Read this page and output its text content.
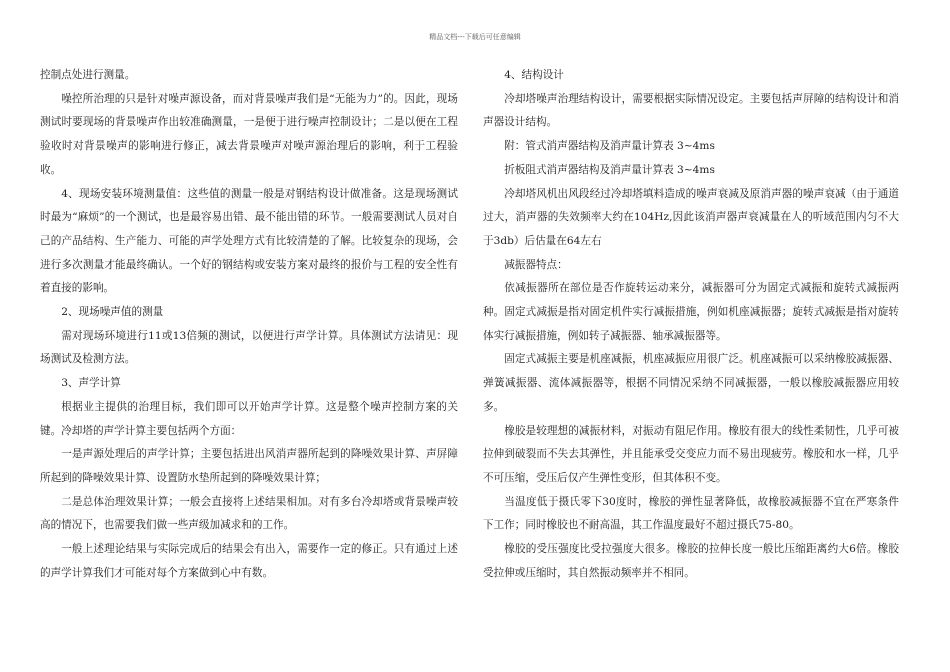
精品文档---下载后可任意编辑

控制点处进行测量。

噪控所治理的只是针对噪声源设备，而对背景噪声我们是“无能为力”的。因此，现场测试时要现场的背景噪声作出较准确测量，一是便于进行噪声控制设计；二是以便在工程验收时对背景噪声的影响进行修正，减去背景噪声对噪声源治理后的影响，利于工程验收。

4、现场安装环境测量值：这些值的测量一般是对钢结构设计做准备。这是现场测试时最为“麻烦”的一个测试，也是最容易出错、最不能出错的环节。一般需要测试人员对自己的产品结构、生产能力、可能的声学处理方式有比较清楚的了解。比较复杂的现场，会进行多次测量才能最终确认。一个好的钢结构或安装方案对最终的报价与工程的安全性有着直接的影响。

2、现场噪声值的测量

需对现场环境进行11或13倍频的测试，以便进行声学计算。具体测试方法请见：现场测试及检测方法。

3、声学计算

根据业主提供的治理目标，我们即可以开始声学计算。这是整个噪声控制方案的关键。冷却塔的声学计算主要包括两个方面：

一是声源处理后的声学计算；主要包括进出风消声器所起到的降噪效果计算、声屏障所起到的降噪效果计算、设置防水垫所起到的降噪效果计算；

二是总体治理效果计算；一般会直接将上述结果相加。对有多台冷却塔或背景噪声较高的情况下，也需要我们做一些声级加减求和的工作。

一般上述理论结果与实际完成后的结果会有出入，需要作一定的修正。只有通过上述的声学计算我们才可能对每个方案做到心中有数。

4、结构设计

冷却塔噪声治理结构设计，需要根据实际情况设定。主要包括声屏障的结构设计和消声器设计结构。

附：管式消声器结构及消声量计算表 3~4ms

折板阻式消声器结构及消声量计算表 3~4ms

冷却塔风机出风段经过冷却塔填料造成的噪声衰减及原消声器的噪声衰减（由于通道过大，消声器的失效频率大约在104Hz,因此该消声器声衰减量在人的听域范围内匀不大于3db）后估量在64左右

减振器特点：

依减振器所在部位是否作旋转运动来分，减振器可分为固定式减振和旋转式减振两种。固定式减振是指对固定机件实行减振措施，例如机座减振器；旋转式减振是指对旋转体实行减振措施，例如转子减振器、轴承减振器等。

固定式减振主要是机座减振，机座减振应用很广泛。机座减振可以采纳橡胶减振器、弹簧减振器、流体减振器等，根据不同情况采纳不同减振器，一般以橡胶减振器应用较多。

橡胶是较理想的减振材料，对振动有阻尼作用。橡胶有很大的线性柔韧性，几乎可被拉伸到破裂而不失去其弹性，并且能承受交变应力而不易出现疲劳。橡胶和水一样，几乎不可压缩，受压后仅产生弹性变形，但其体积不变。

当温度低于摄氏零下30度时，橡胶的弹性显著降低，故橡胶减振器不宜在严寒条件下工作；同时橡胶也不耐高温，其工作温度最好不超过摄氏75-80。

橡胶的受压强度比受拉强度大很多。橡胶的拉伸长度一般比压缩距离约大6倍。橡胶受拉伸或压缩时，其自然振动频率并不相同。
